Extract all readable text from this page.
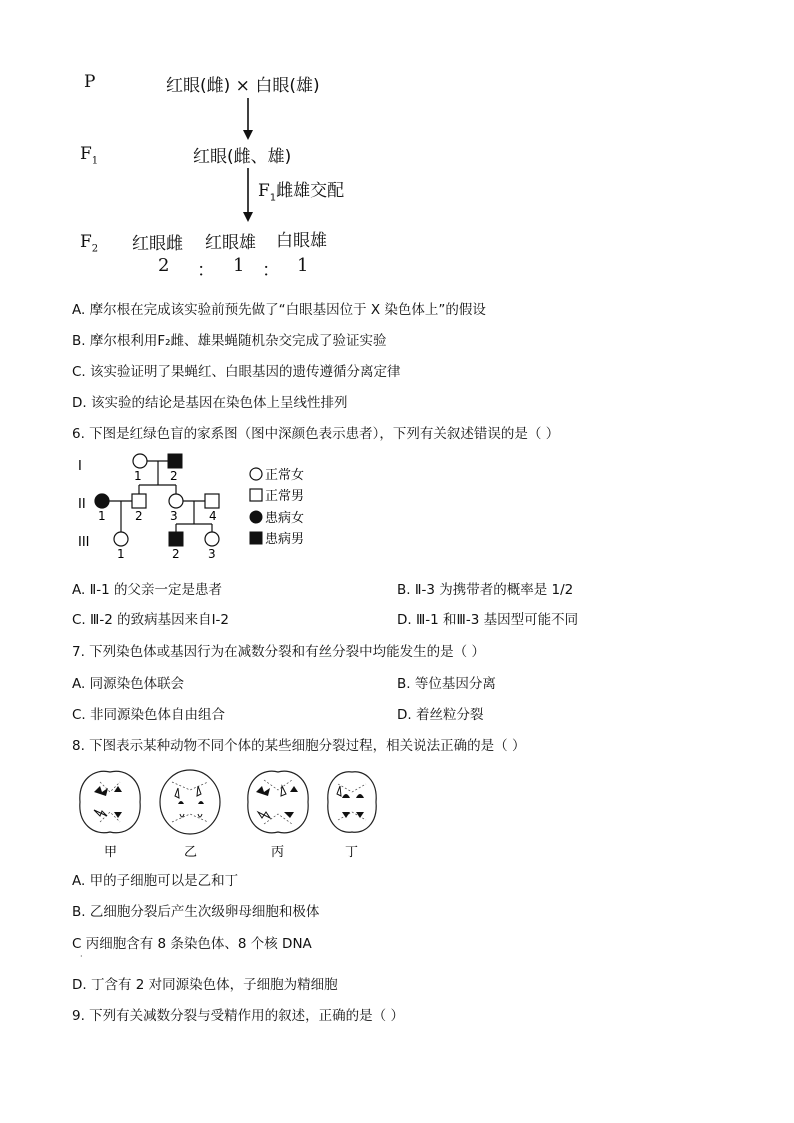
P	红眼(雌) × 白眼(雄)
$F_1$	红眼(雌、雄)
$F_1$雌雄交配
$F_2$ 红眼雌 红眼雄 白眼雄
2 ： 1 ： 1
A. 摩尔根在完成该实验前预先做了“白眼基因位于 X 染色体上”的假设
B. 摩尔根利用F₂雌、雄果蝇随机杂交完成了验证实验
C. 该实验证明了果蝇红、白眼基因的遗传遵循分离定律
D. 该实验的结论是基因在染色体上呈线性排列
6. 下图是红绿色盲的家系图（图中深颜色表示患者），下列有关叙述错误的是（ ）
I
II
III
1 2
1 2 3	4
1	2 3
正常女
正常男
患病女
患病男
A. Ⅱ-1 的父亲一定是患者	B. Ⅱ-3 为携带者的概率是 1/2
C. Ⅲ-2 的致病基因来自Ⅰ-2	D. Ⅲ-1 和Ⅲ-3 基因型可能不同
7. 下列染色体或基因行为在减数分裂和有丝分裂中均能发生的是（ ）
A. 同源染色体联会	B. 等位基因分离
C. 非同源染色体自由组合	D. 着丝粒分裂
8. 下图表示某种动物不同个体的某些细胞分裂过程，相关说法正确的是（ ）
甲	乙	丙	丁
A. 甲的子细胞可以是乙和丁
B. 乙细胞分裂后产生次级卵母细胞和极体
C 丙细胞含有 8 条染色体、8 个核 DNA
·
D. 丁含有 2 对同源染色体，子细胞为精细胞
9. 下列有关减数分裂与受精作用的叙述，正确的是（ ）
